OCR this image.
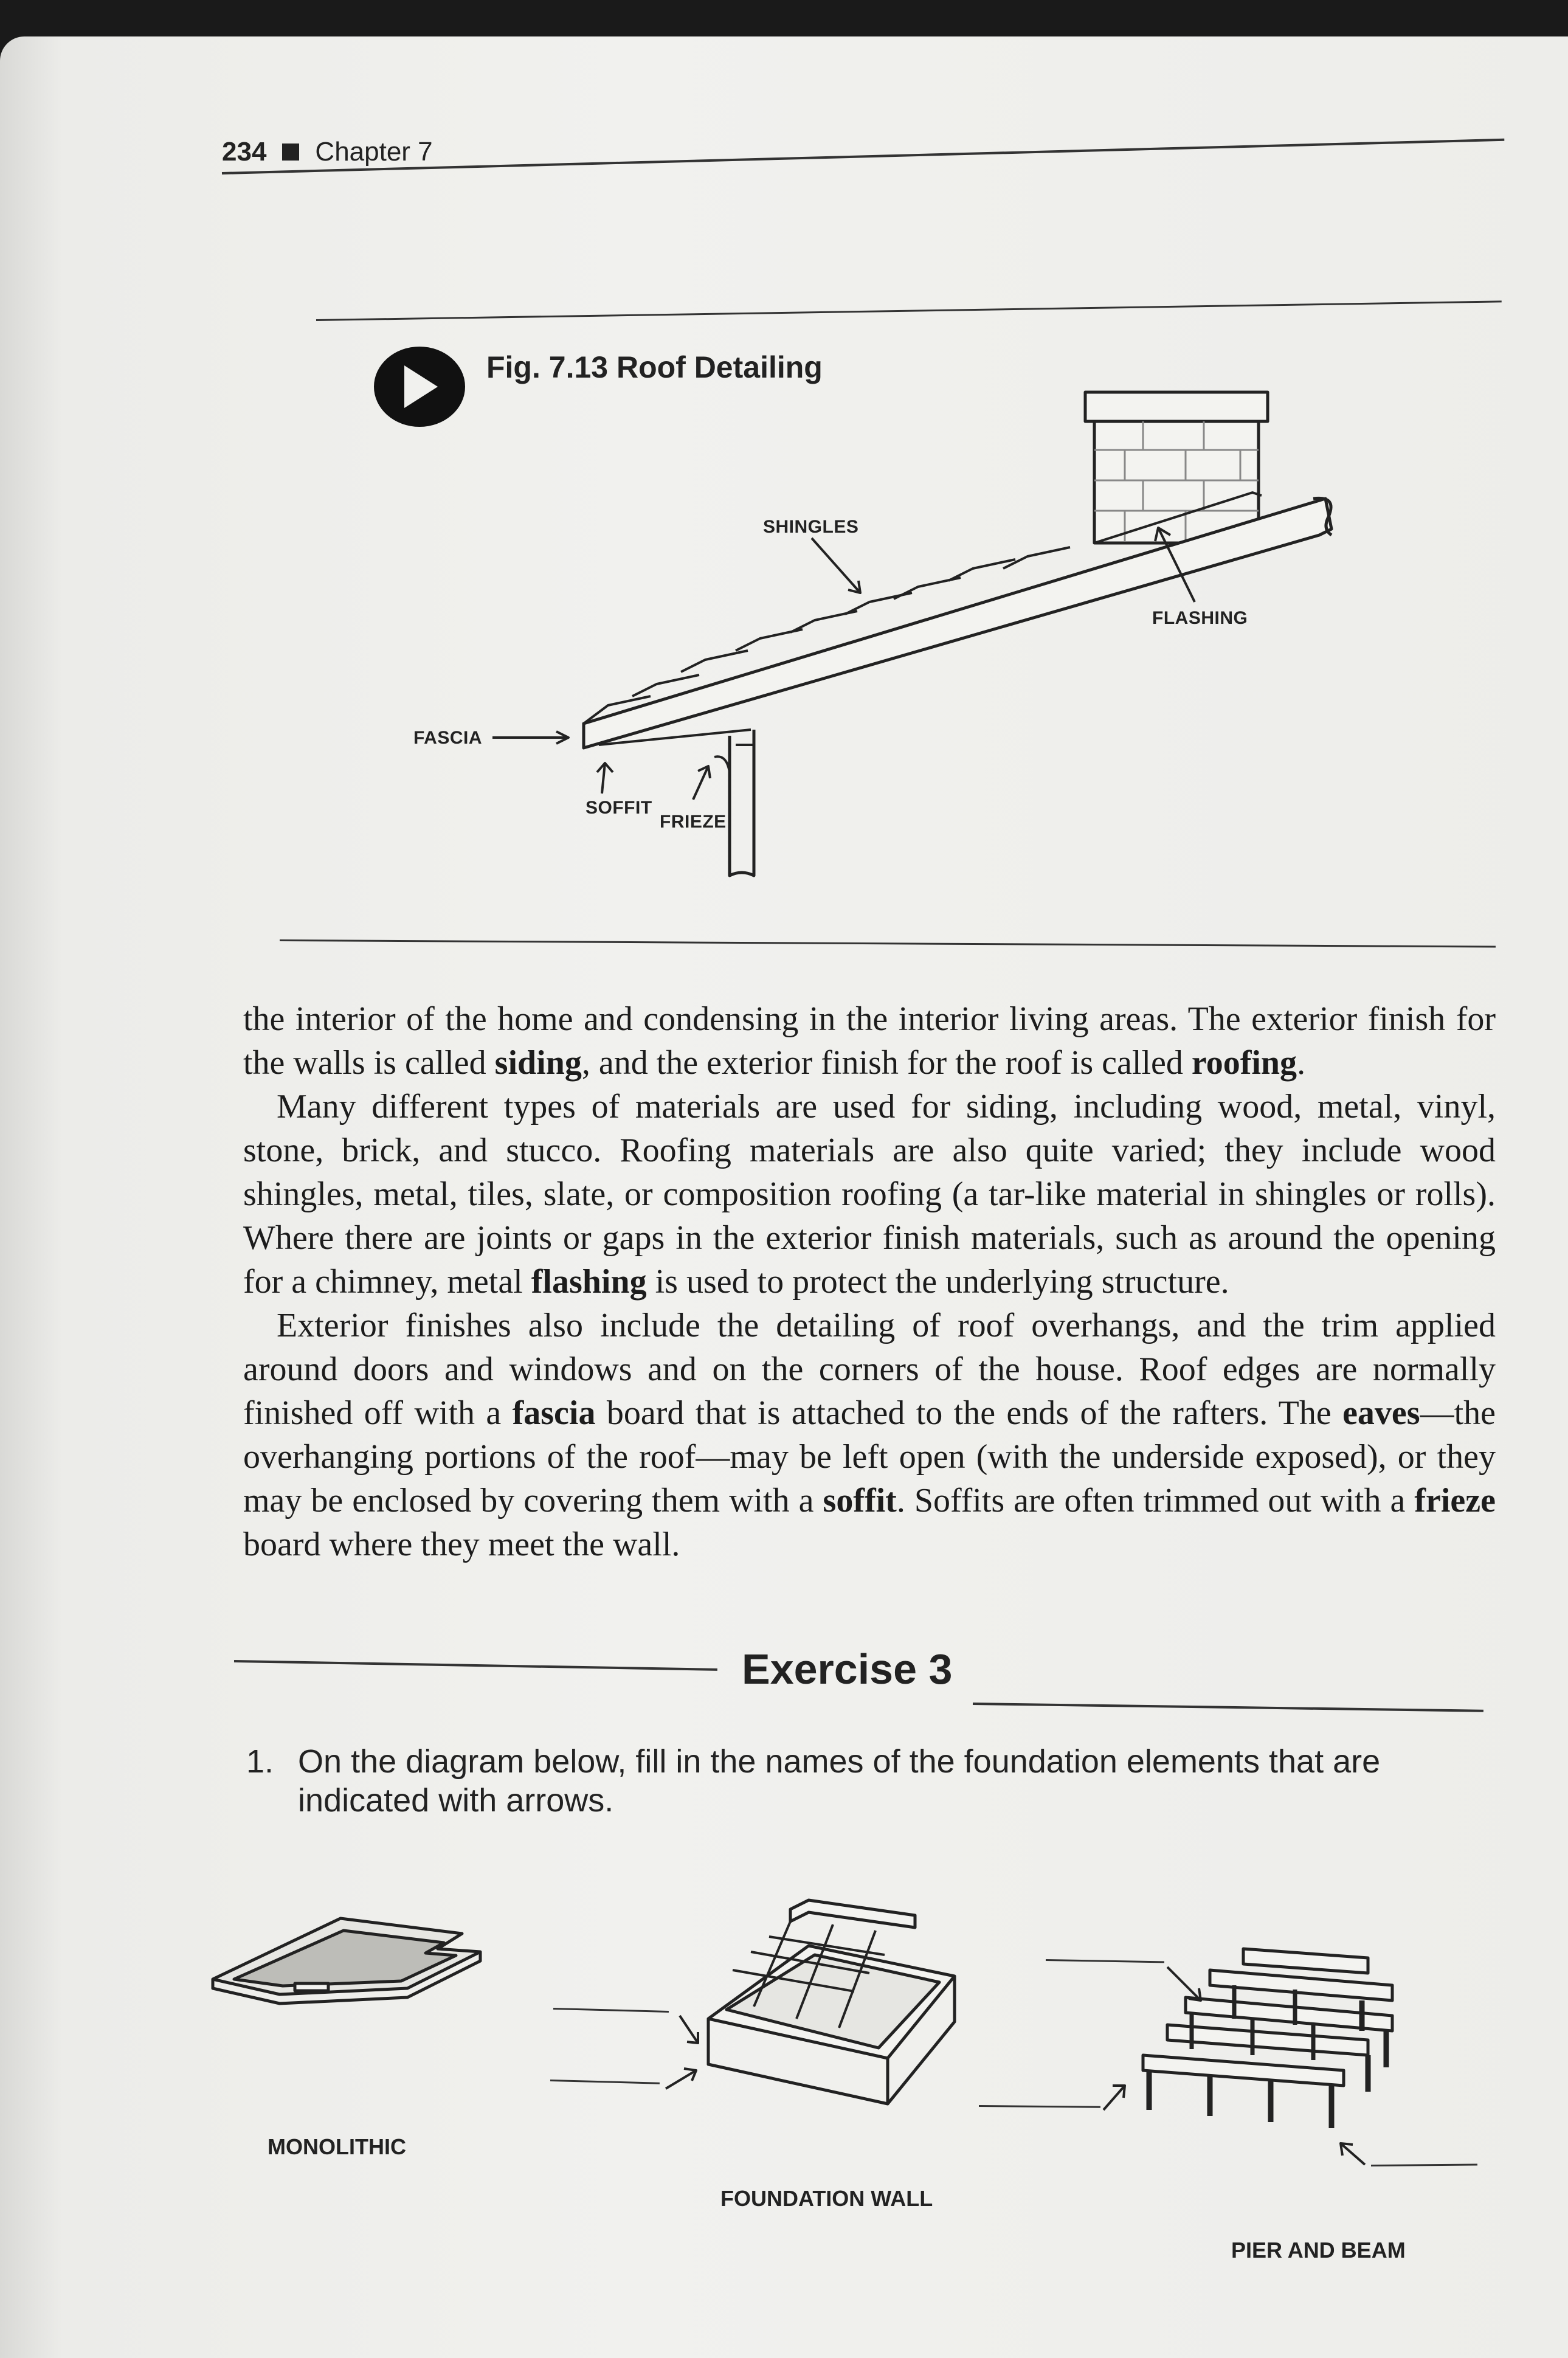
234 Chapter 7
Fig. 7.13 Roof Detailing
SHINGLES
FLASHING
FASCIA
SOFFIT
FRIEZE

the interior of the home and condensing in the interior living areas. The exterior finish for the walls is called siding, and the exterior finish for the roof is called roofing.

Many different types of materials are used for siding, including wood, metal, vinyl, stone, brick, and stucco. Roofing materials are also quite varied; they include wood shingles, metal, tiles, slate, or composition roofing (a tar-like material in shingles or rolls). Where there are joints or gaps in the exterior finish materials, such as around the opening for a chimney, metal flashing is used to protect the underlying structure.

Exterior finishes also include the detailing of roof overhangs, and the trim applied around doors and windows and on the corners of the house. Roof edges are normally finished off with a fascia board that is attached to the ends of the rafters. The eaves—the overhanging portions of the roof—may be left open (with the underside exposed), or they may be enclosed by covering them with a soffit. Soffits are often trimmed out with a frieze board where they meet the wall.

Exercise 3
1. On the diagram below, fill in the names of the foundation elements that are indicated with arrows.
MONOLITHIC
FOUNDATION WALL
PIER AND BEAM
